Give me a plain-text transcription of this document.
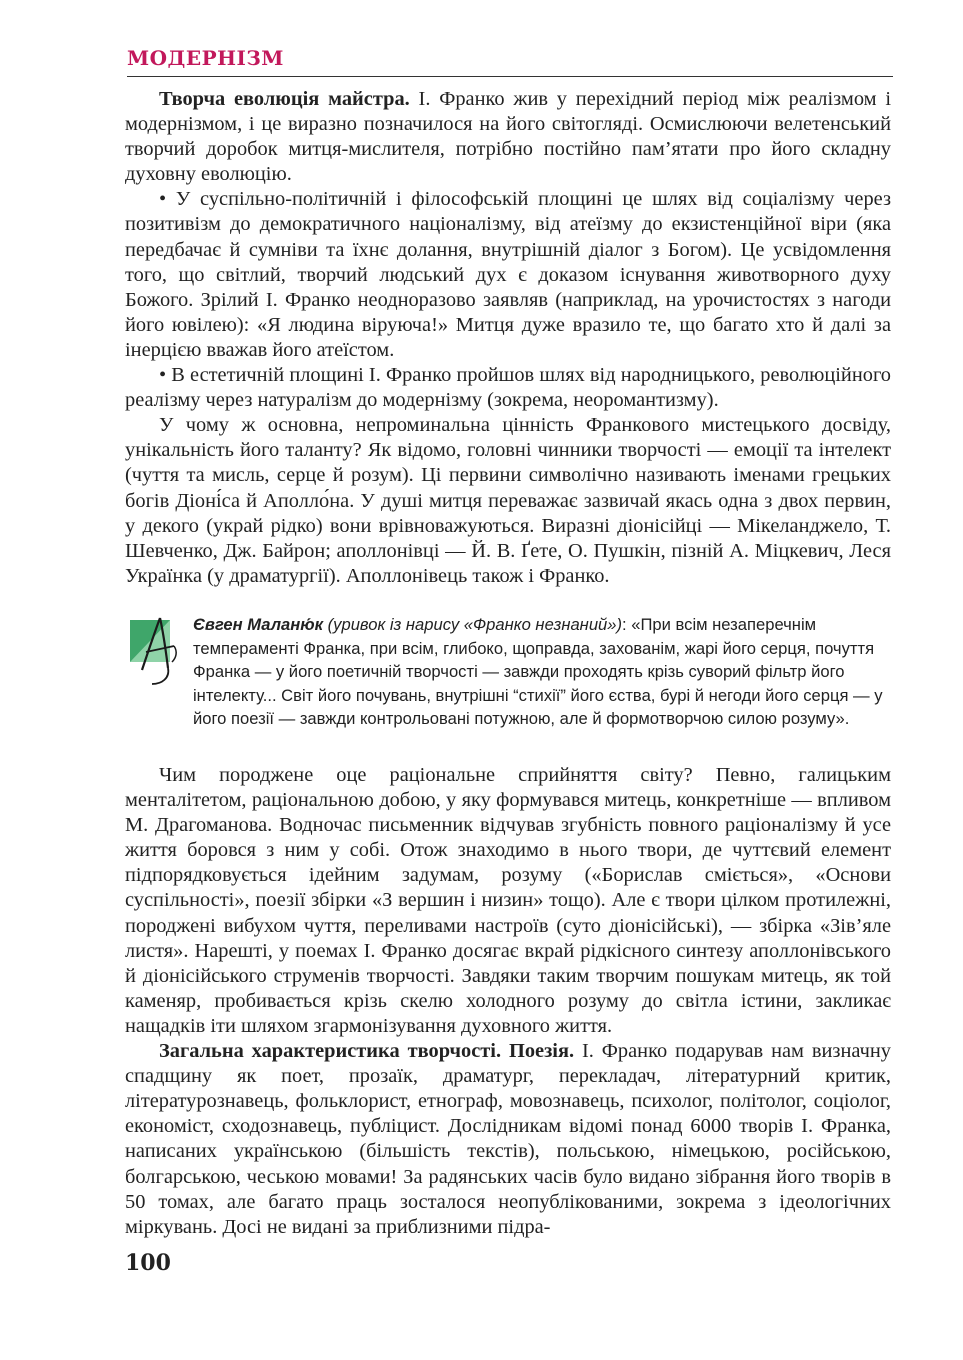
МОДЕРНІЗМ

Творча еволюція майстра. І. Франко жив у перехідний період між реалізмом і модернізмом, і це виразно позначилося на його світогляді. Осмислюючи велетенський творчий доробок митця-мислителя, потрібно постійно пам’ятати про його складну духовну еволюцію.

• У суспільно-політичній і філософській площині це шлях від соціалізму через позитивізм до демократичного націоналізму, від атеїзму до екзистенційної віри (яка передбачає й сумніви та їхнє долання, внутрішній діалог з Богом). Це усвідомлення того, що світлий, творчий людський дух є доказом існування животворного духу Божого. Зрілий І. Франко неодноразово заявляв (наприклад, на урочистостях з нагоди його ювілею): «Я людина віруюча!» Митця дуже вразило те, що багато хто й далі за інерцією вважав його атеїстом.

• В естетичній площині І. Франко пройшов шлях від народницького, революційного реалізму через натуралізм до модернізму (зокрема, неоромантизму).

У чому ж основна, непроминальна цінність Франкового мистецького досвіду, унікальність його таланту? Як відомо, головні чинники творчості — емоції та інтелект (чуття та мисль, серце й розум). Ці первини символічно називають іменами грецьких богів Діоні́са й Аполло́на. У душі митця переважає зазвичай якась одна з двох первин, у декого (украй рідко) вони врівноважуються. Виразні діонісійці — Мікеланджело, Т. Шевченко, Дж. Байрон; аполлонівці — Й. В. Ґете, О. Пушкін, пізній А. Міцкевич, Леся Українка (у драматургії). Аполлонівець також і Франко.

Євген Маланю́к (уривок із нарису «Франко незнаний»): «При всім незаперечнім темпераменті Франка, при всім, глибоко, щоправда, захованім, жарі його серця, почуття Франка — у його поетичній творчості — завжди проходять крізь суворий фільтр його інтелекту... Світ його почувань, внутрішні “стихії” його єства, бурі й негоди його серця — у його поезії — завжди контрольовані потужною, але й формотворчою силою розуму».

Чим породжене оце раціональне сприйняття світу? Певно, галицьким менталітетом, раціональною добою, у яку формувався митець, конкретніше — впливом М. Драгоманова. Водночас письменник відчував згубність повного раціоналізму й усе життя боровся з ним у собі. Отож знаходимо в нього твори, де чуттєвий елемент підпорядковується ідейним задумам, розуму («Борислав сміється», «Основи суспільності», поезії збірки «З вершин і низин» тощо). Але є твори цілком протилежні, породжені вибухом чуття, переливами настроїв (суто діонісійські), — збірка «Зів’яле листя». Нарешті, у поемах І. Франко досягає вкрай рідкісного синтезу аполлонівського й діонісійського струменів творчості. Завдяки таким творчим пошукам митець, як той каменяр, пробивається крізь скелю холодного розуму до світла істини, закликає нащадків іти шляхом згармонізування духовного життя.

Загальна характеристика творчості. Поезія. І. Франко подарував нам визначну спадщину як поет, прозаїк, драматург, перекладач, літературний критик, літературознавець, фольклорист, етнограф, мовознавець, психолог, політолог, соціолог, економіст, сходознавець, публіцист. Дослідникам відомі понад 6000 творів І. Франка, написаних українською (більшість текстів), польською, німецькою, російською, болгарською, чеською мовами! За радянських часів було видано зібрання його творів в 50 томах, але багато праць зосталося неопублікованими, зокрема з ідеологічних міркувань. Досі не видані за приблизними підра-

100
